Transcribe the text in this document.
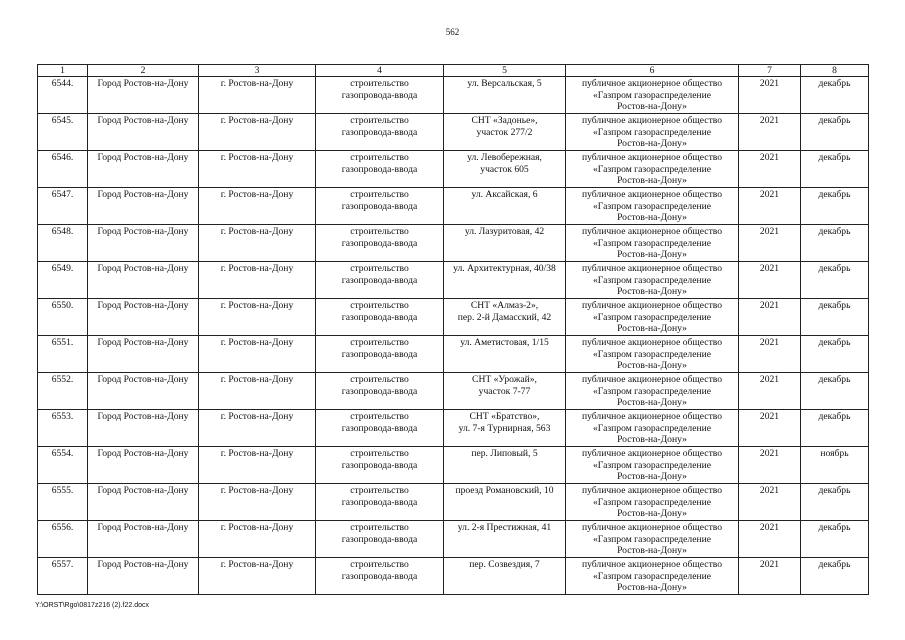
562
1	2	3	4	5	6	7	8
6544.	Город Ростов-на-Дону	г. Ростов-на-Дону	строительство
газопровода-ввода	ул. Версальская, 5	публичное акционерное общество
«Газпром газораспределение
Ростов-на-Дону»	2021	декабрь
6545.	Город Ростов-на-Дону	г. Ростов-на-Дону	строительство
газопровода-ввода	СНТ «Задонье»,
участок 277/2	публичное акционерное общество
«Газпром газораспределение
Ростов-на-Дону»	2021	декабрь
6546.	Город Ростов-на-Дону	г. Ростов-на-Дону	строительство
газопровода-ввода	ул. Левобережная,
участок 605	публичное акционерное общество
«Газпром газораспределение
Ростов-на-Дону»	2021	декабрь
6547.	Город Ростов-на-Дону	г. Ростов-на-Дону	строительство
газопровода-ввода	ул. Аксайская, 6	публичное акционерное общество
«Газпром газораспределение
Ростов-на-Дону»	2021	декабрь
6548.	Город Ростов-на-Дону	г. Ростов-на-Дону	строительство
газопровода-ввода	ул. Лазуритовая, 42	публичное акционерное общество
«Газпром газораспределение
Ростов-на-Дону»	2021	декабрь
6549.	Город Ростов-на-Дону	г. Ростов-на-Дону	строительство
газопровода-ввода	ул. Архитектурная, 40/38	публичное акционерное общество
«Газпром газораспределение
Ростов-на-Дону»	2021	декабрь
6550.	Город Ростов-на-Дону	г. Ростов-на-Дону	строительство
газопровода-ввода	СНТ «Алмаз-2»,
пер. 2-й Дамасский, 42	публичное акционерное общество
«Газпром газораспределение
Ростов-на-Дону»	2021	декабрь
6551.	Город Ростов-на-Дону	г. Ростов-на-Дону	строительство
газопровода-ввода	ул. Аметистовая, 1/15	публичное акционерное общество
«Газпром газораспределение
Ростов-на-Дону»	2021	декабрь
6552.	Город Ростов-на-Дону	г. Ростов-на-Дону	строительство
газопровода-ввода	СНТ «Урожай»,
участок 7-77	публичное акционерное общество
«Газпром газораспределение
Ростов-на-Дону»	2021	декабрь
6553.	Город Ростов-на-Дону	г. Ростов-на-Дону	строительство
газопровода-ввода	СНТ «Братство»,
ул. 7-я Турнирная, 563	публичное акционерное общество
«Газпром газораспределение
Ростов-на-Дону»	2021	декабрь
6554.	Город Ростов-на-Дону	г. Ростов-на-Дону	строительство
газопровода-ввода	пер. Липовый, 5	публичное акционерное общество
«Газпром газораспределение
Ростов-на-Дону»	2021	ноябрь
6555.	Город Ростов-на-Дону	г. Ростов-на-Дону	строительство
газопровода-ввода	проезд Романовский, 10	публичное акционерное общество
«Газпром газораспределение
Ростов-на-Дону»	2021	декабрь
6556.	Город Ростов-на-Дону	г. Ростов-на-Дону	строительство
газопровода-ввода	ул. 2-я Престижная, 41	публичное акционерное общество
«Газпром газораспределение
Ростов-на-Дону»	2021	декабрь
6557.	Город Ростов-на-Дону	г. Ростов-на-Дону	строительство
газопровода-ввода	пер. Созвездия, 7	публичное акционерное общество
«Газпром газораспределение
Ростов-на-Дону»	2021	декабрь
Y:\ORST\Rgo\0817z216 (2).f22.docx
